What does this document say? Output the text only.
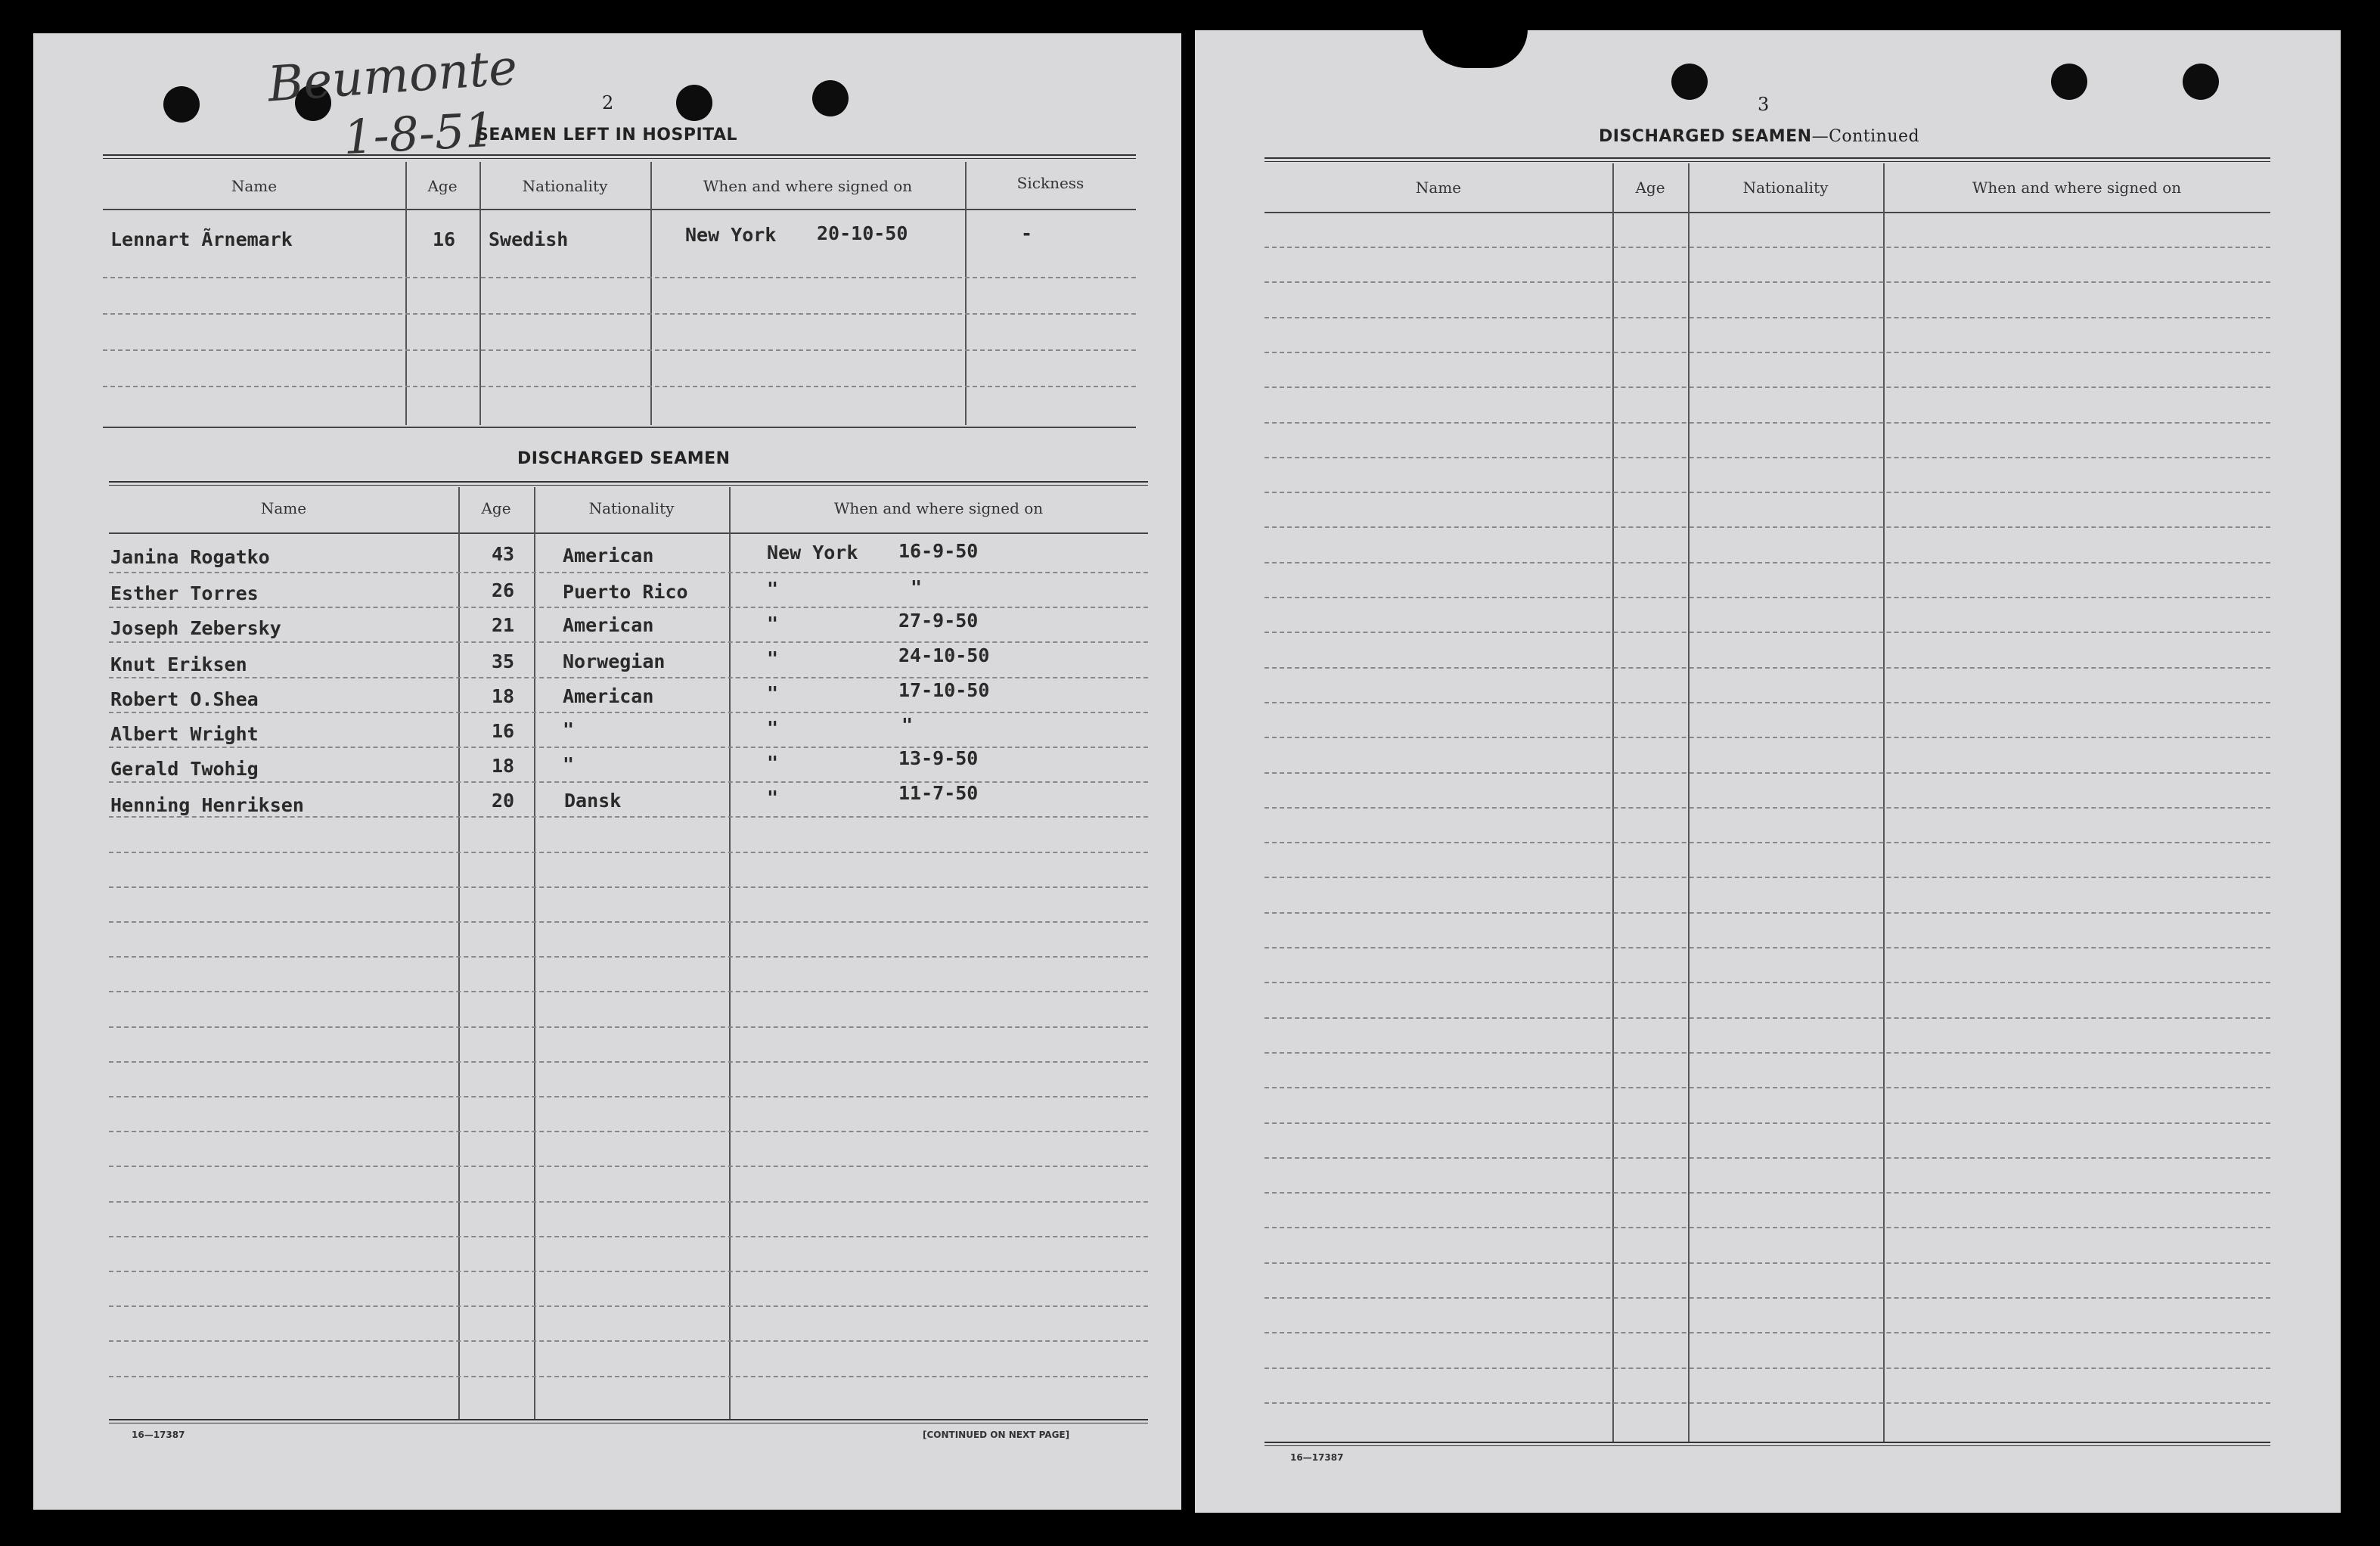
Beumonte
1-8-51	2
SEAMEN LEFT IN HOSPITAL
Name	Age	Nationality	When and where signed on	Sickness
Lennart Ãrnemark	16 Swedish	New York 20-10-50	-
DISCHARGED SEAMEN
Name	Age	Nationality	When and where signed on
Janina Rogatko	43	American	New York 16-9-50
Esther Torres	26	Puerto Rico	"	"
Joseph Zebersky	21	American	"	27-9-50
Knut Eriksen	35	Norwegian	"	24-10-50
Robert O.Shea	18	American	"	17-10-50
Albert Wright	16	"	"	"
Gerald Twohig	18	"	"	13-9-50
Henning Henriksen	20	Dansk	"	11-7-50
16—17387	[CONTINUED ON NEXT PAGE]
3
DISCHARGED SEAMEN—Continued
Name	Age	Nationality	When and where signed on
16—17387
